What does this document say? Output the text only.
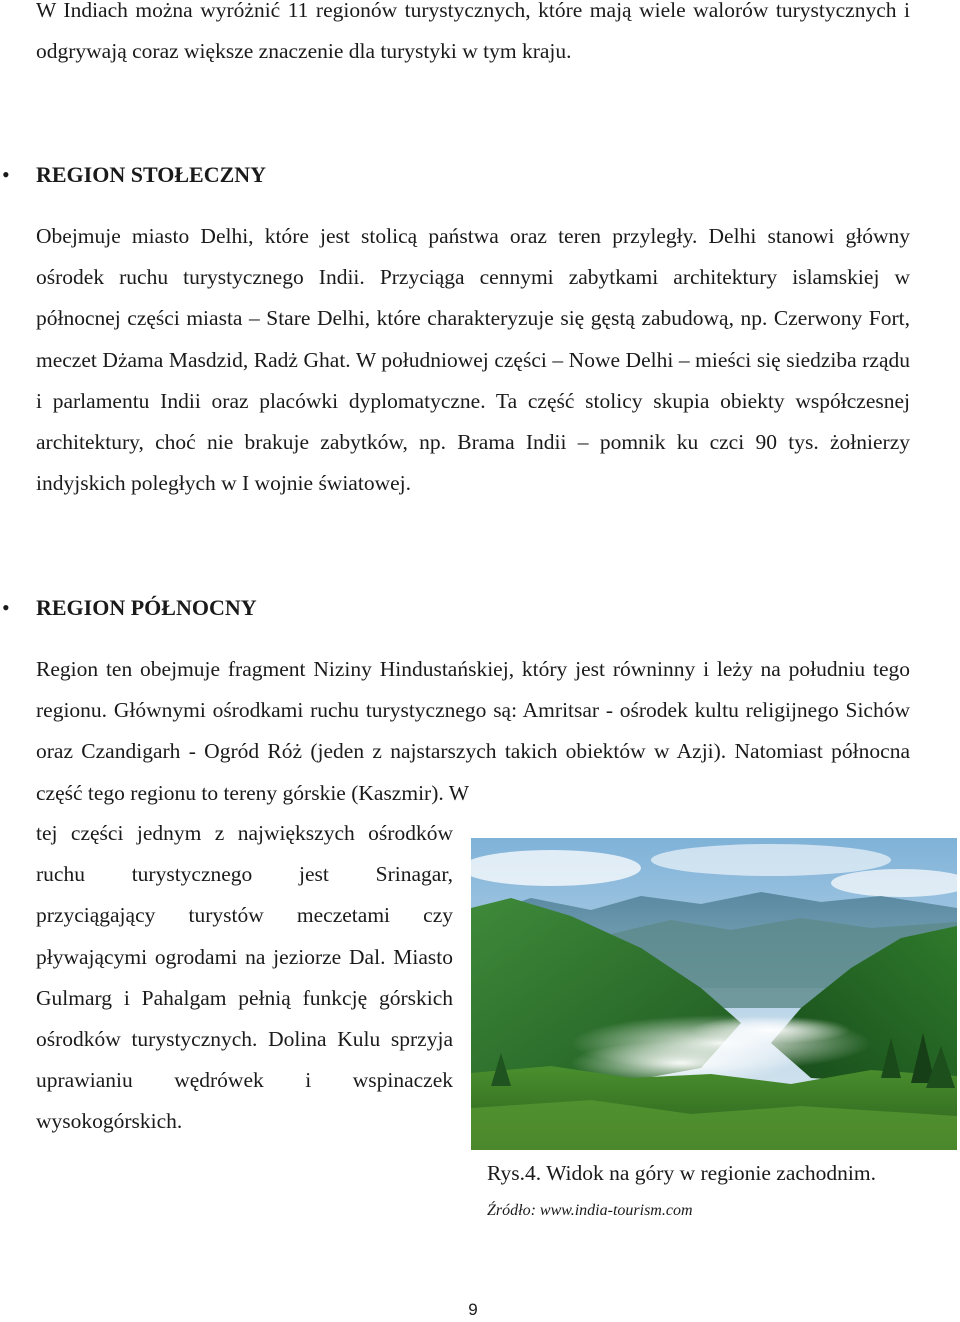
W Indiach można wyróżnić 11 regionów turystycznych, które mają wiele walorów turystycznych i odgrywają coraz większe znaczenie dla turystyki w tym kraju.

• REGION STOŁECZNY

Obejmuje miasto Delhi, które jest stolicą państwa oraz teren przyległy. Delhi stanowi główny ośrodek ruchu turystycznego Indii. Przyciąga cennymi zabytkami architektury islamskiej w północnej części miasta – Stare Delhi, które charakteryzuje się gęstą zabudową, np. Czerwony Fort, meczet Dżama Masdzid, Radż Ghat. W południowej części – Nowe Delhi – mieści się siedziba rządu i parlamentu Indii oraz placówki dyplomatyczne. Ta część stolicy skupia obiekty współczesnej architektury, choć nie brakuje zabytków, np. Brama Indii – pomnik ku czci 90 tys. żołnierzy indyjskich poległych w I wojnie światowej.

• REGION PÓŁNOCNY

Region ten obejmuje fragment Niziny Hindustańskiej, który jest równinny i leży na południu tego regionu. Głównymi ośrodkami ruchu turystycznego są: Amritsar - ośrodek kultu religijnego Sichów oraz Czandigarh - Ogród Róż (jeden z najstarszych takich obiektów w Azji). Natomiast północna część tego regionu to tereny górskie (Kaszmir). W

tej części jednym z największych ośrodków ruchu turystycznego jest Srinagar, przyciągający turystów meczetami czy pływającymi ogrodami na jeziorze Dal. Miasto Gulmarg i Pahalgam pełnią funkcję górskich ośrodków turystycznych. Dolina Kulu sprzyja uprawianiu wędrówek i wspinaczek wysokogórskich.

Rys.4. Widok na góry w regionie zachodnim.

Źródło: www.india-tourism.com

9
